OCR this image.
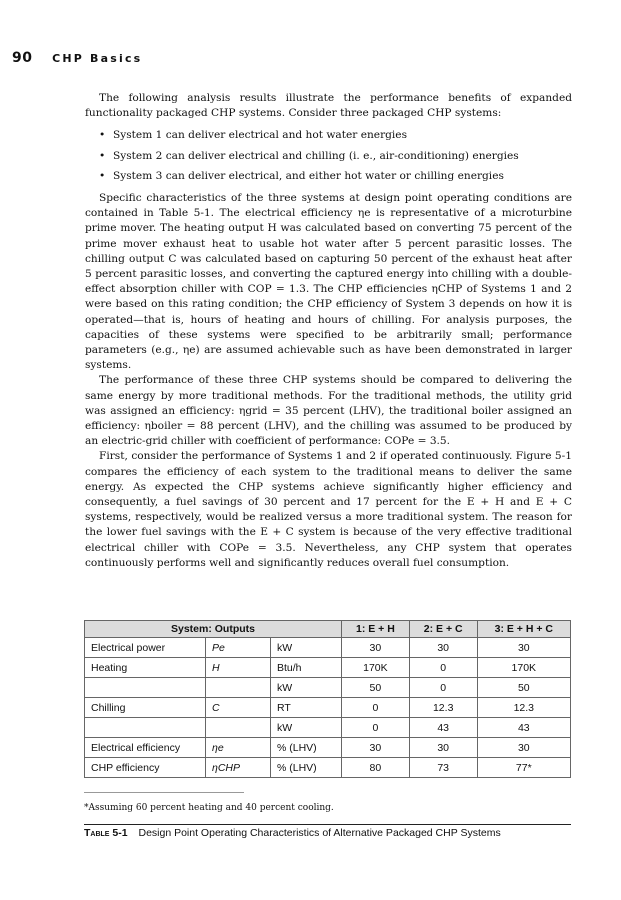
90 CHP Basics

The following analysis results illustrate the performance benefits of expanded functionality packaged CHP systems. Consider three packaged CHP systems:

• System 1 can deliver electrical and hot water energies
• System 2 can deliver electrical and chilling (i. e., air-conditioning) energies
• System 3 can deliver electrical, and either hot water or chilling energies

Specific characteristics of the three systems at design point operating conditions are contained in Table 5-1. The electrical efficiency ηe is representative of a microturbine prime mover. The heating output H was calculated based on converting 75 percent of the prime mover exhaust heat to usable hot water after 5 percent parasitic losses. The chilling output C was calculated based on capturing 50 percent of the exhaust heat after 5 percent parasitic losses, and converting the captured energy into chilling with a double-effect absorption chiller with COP = 1.3. The CHP efficiencies ηCHP of Systems 1 and 2 were based on this rating condition; the CHP efficiency of System 3 depends on how it is operated—that is, hours of heating and hours of chilling. For analysis purposes, the capacities of these systems were specified to be arbitrarily small; performance parameters (e.g., ηe) are assumed achievable such as have been demonstrated in larger systems.

The performance of these three CHP systems should be compared to delivering the same energy by more traditional methods. For the traditional methods, the utility grid was assigned an efficiency: ηgrid = 35 percent (LHV), the traditional boiler assigned an efficiency: ηboiler = 88 percent (LHV), and the chilling was assumed to be produced by an electric-grid chiller with coefficient of performance: COPe = 3.5.

First, consider the performance of Systems 1 and 2 if operated continuously. Figure 5-1 compares the efficiency of each system to the traditional means to deliver the same energy. As expected the CHP systems achieve significantly higher efficiency and consequently, a fuel savings of 30 percent and 17 percent for the E + H and E + C systems, respectively, would be realized versus a more traditional system. The reason for the lower fuel savings with the E + C system is because of the very effective traditional electrical chiller with COPe = 3.5. Nevertheless, any CHP system that operates continuously performs well and significantly reduces overall fuel consumption.

System: Outputs			1: E + H	2: E + C	3: E + H + C
Electrical power	Pe	kW	30	30	30
Heating	H	Btu/h	170K	0	170K
		kW	50	0	50
Chilling	C	RT	0	12.3	12.3
		kW	0	43	43
Electrical efficiency	ηe	% (LHV)	30	30	30
CHP efficiency	ηCHP	% (LHV)	80	73	77*
*Assuming 60 percent heating and 40 percent cooling.
Table 5-1 Design Point Operating Characteristics of Alternative Packaged CHP Systems
